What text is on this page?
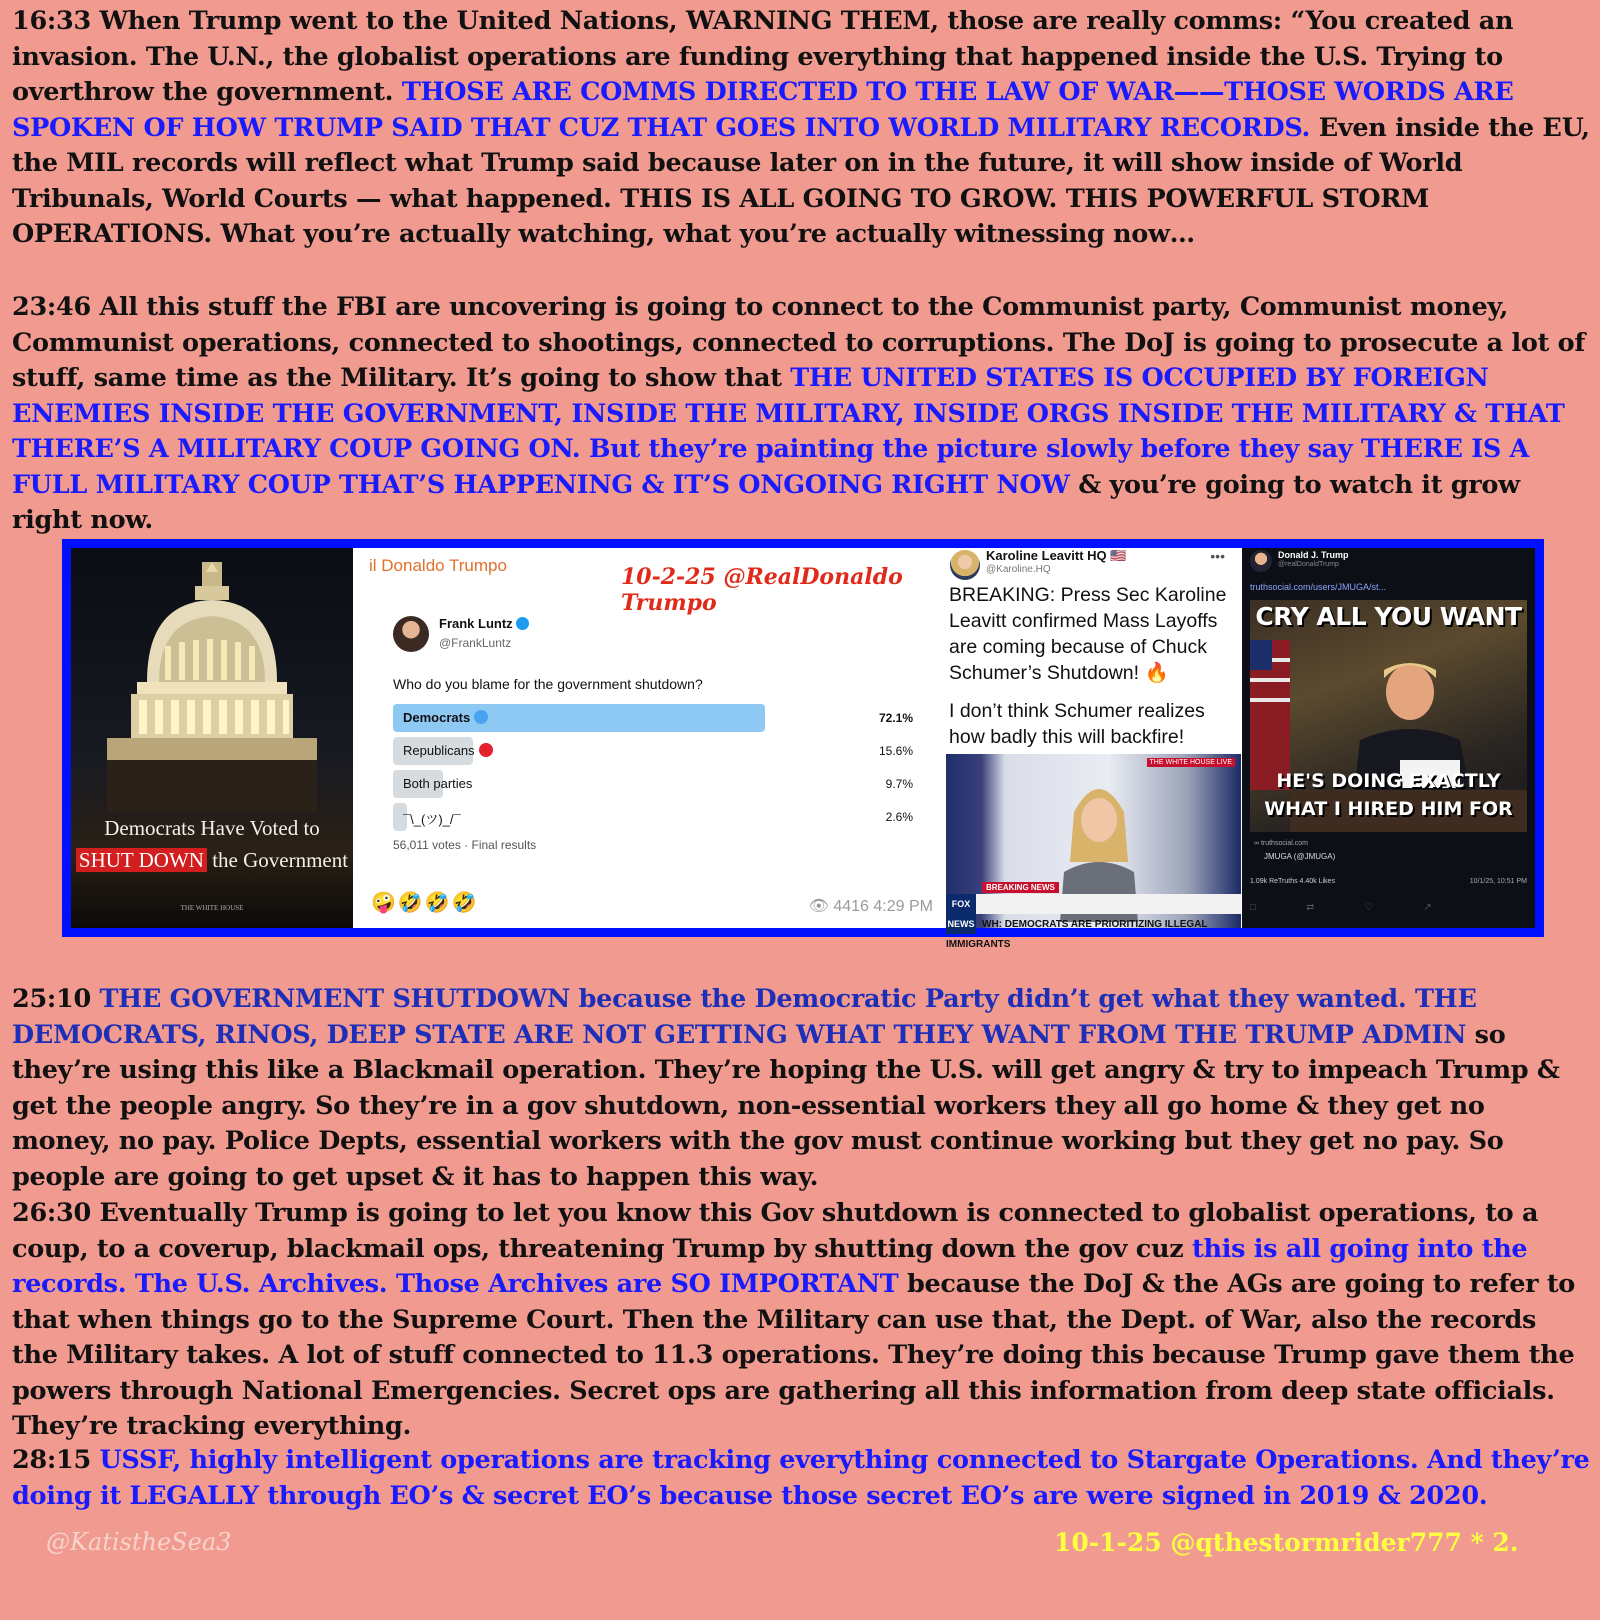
16:33 When Trump went to the United Nations, WARNING THEM, those are really comms: “You created an invasion. The U.N., the globalist operations are funding everything that happened inside the U.S. Trying to overthrow the government. THOSE ARE COMMS DIRECTED TO THE LAW OF WAR——THOSE WORDS ARE SPOKEN OF HOW TRUMP SAID THAT CUZ THAT GOES INTO WORLD MILITARY RECORDS. Even inside the EU, the MIL records will reflect what Trump said because later on in the future, it will show inside of World Tribunals, World Courts — what happened. THIS IS ALL GOING TO GROW. THIS POWERFUL STORM OPERATIONS. What you’re actually watching, what you’re actually witnessing now…
23:46 All this stuff the FBI are uncovering is going to connect to the Communist party, Communist money, Communist operations, connected to shootings, connected to corruptions. The DoJ is going to prosecute a lot of stuff, same time as the Military. It’s going to show that THE UNITED STATES IS OCCUPIED BY FOREIGN ENEMIES INSIDE THE GOVERNMENT, INSIDE THE MILITARY, INSIDE ORGS INSIDE THE MILITARY & THAT THERE’S A MILITARY COUP GOING ON. But they’re painting the picture slowly before they say THERE IS A FULL MILITARY COUP THAT’S HAPPENING & IT’S ONGOING RIGHT NOW & you’re going to watch it grow right now.
Democrats Have Voted to
SHUT DOWN the Government
THE WHITE HOUSE
il Donaldo Trumpo	10-2-25 @RealDonaldo Trumpo
Frank Luntz
@FrankLuntz
Who do you blame for the government shutdown?
Democrats	72.1%
Republicans	15.6%
Both parties	9.7%
¯\_(ツ)_/¯	2.6%
56,011 votes · Final results
🤪🤣🤣🤣	👁 4416 4:29 PM
Karoline Leavitt HQ 🇺🇸
@Karoline.HQ
•••
BREAKING: Press Sec Karoline Leavitt confirmed Mass Layoffs are coming because of Chuck Schumer’s Shutdown! 🔥
I don’t think Schumer realizes how badly this will backfire!
THE WHITE HOUSE LIVE
BREAKING NEWS
FOX NEWS WH: DEMOCRATS ARE PRIORITIZING ILLEGAL IMMIGRANTS
Donald J. Trump
@realDonaldTrump
truthsocial.com/users/JMUGA/st...
CRY ALL YOU WANT
HE'S DOING EXACTLY
WHAT I HIRED HIM FOR
∞ truthsocial.com
JMUGA (@JMUGA)
1.09k ReTruths 4.40k Likes	10/1/25, 10:51 PM
□⇄♡↗
25:10 THE GOVERNMENT SHUTDOWN because the Democratic Party didn’t get what they wanted. THE DEMOCRATS, RINOS, DEEP STATE ARE NOT GETTING WHAT THEY WANT FROM THE TRUMP ADMIN so they’re using this like a Blackmail operation. They’re hoping the U.S. will get angry & try to impeach Trump & get the people angry. So they’re in a gov shutdown, non-essential workers they all go home & they get no money, no pay. Police Depts, essential workers with the gov must continue working but they get no pay. So people are going to get upset & it has to happen this way.
26:30 Eventually Trump is going to let you know this Gov shutdown is connected to globalist operations, to a coup, to a coverup, blackmail ops, threatening Trump by shutting down the gov cuz this is all going into the records. The U.S. Archives. Those Archives are SO IMPORTANT because the DoJ & the AGs are going to refer to that when things go to the Supreme Court. Then the Military can use that, the Dept. of War, also the records the Military takes. A lot of stuff connected to 11.3 operations. They’re doing this because Trump gave them the powers through National Emergencies. Secret ops are gathering all this information from deep state officials. They’re tracking everything.
28:15 USSF, highly intelligent operations are tracking everything connected to Stargate Operations. And they’re doing it LEGALLY through EO’s & secret EO’s because those secret EO’s are were signed in 2019 & 2020.
@KatistheSea3	10-1-25 @qthestormrider777 * 2.
